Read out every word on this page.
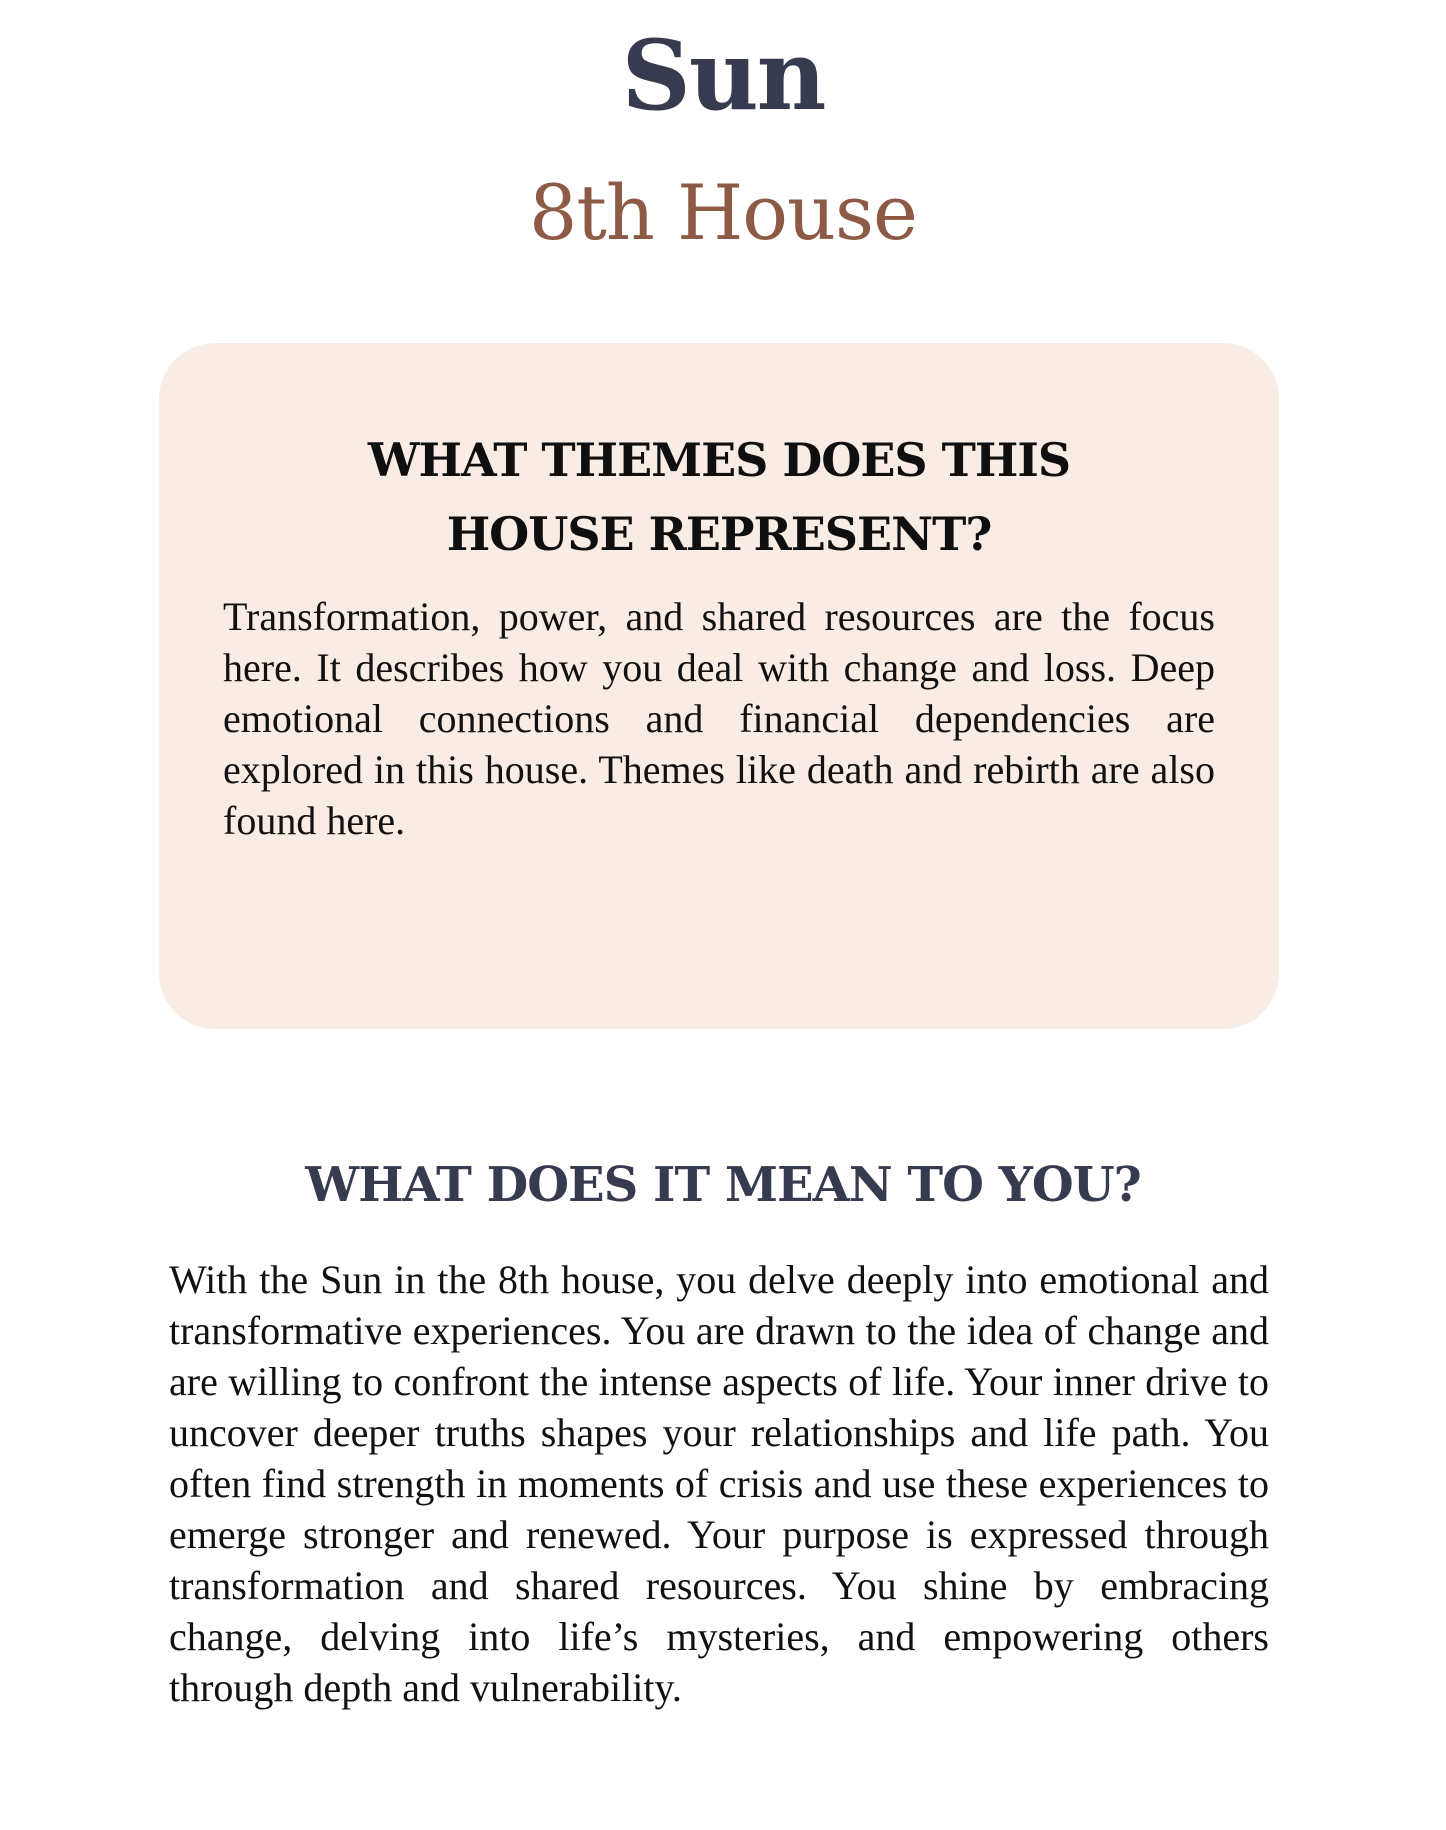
Sun
8th House
WHAT THEMES DOES THIS
HOUSE REPRESENT?

Transformation, power, and shared resources are the focus here. It describes how you deal with change and loss. Deep emotional connections and financial dependencies are explored in this house. Themes like death and rebirth are also found here.

WHAT DOES IT MEAN TO YOU?

With the Sun in the 8th house, you delve deeply into emotional and transformative experiences. You are drawn to the idea of change and are willing to confront the intense aspects of life. Your inner drive to uncover deeper truths shapes your relationships and life path. You often find strength in moments of crisis and use these experiences to emerge stronger and renewed. Your purpose is expressed through transformation and shared resources. You shine by embracing change, delving into life’s mysteries, and empowering others through depth and vulnerability.
